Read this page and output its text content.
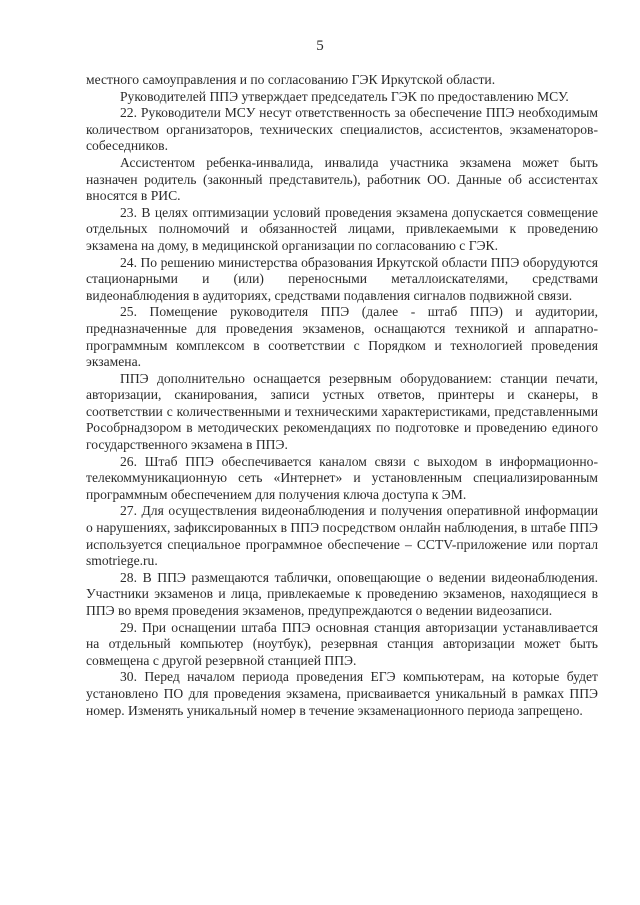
5

местного самоуправления и по согласованию ГЭК Иркутской области.

Руководителей ППЭ утверждает председатель ГЭК по предоставлению МСУ.

22. Руководители МСУ несут ответственность за обеспечение ППЭ необходимым количеством организаторов, технических специалистов, ассистентов, экзаменаторов-собеседников.

Ассистентом ребенка-инвалида, инвалида участника экзамена может быть назначен родитель (законный представитель), работник ОО. Данные об ассистентах вносятся в РИС.

23. В целях оптимизации условий проведения экзамена допускается совмещение отдельных полномочий и обязанностей лицами, привлекаемыми к проведению экзамена на дому, в медицинской организации по согласованию с ГЭК.

24. По решению министерства образования Иркутской области ППЭ оборудуются стационарными и (или) переносными металлоискателями, средствами видеонаблюдения в аудиториях, средствами подавления сигналов подвижной связи.

25. Помещение руководителя ППЭ (далее - штаб ППЭ) и аудитории, предназначенные для проведения экзаменов, оснащаются техникой и аппаратно-программным комплексом в соответствии с Порядком и технологией проведения экзамена.

ППЭ дополнительно оснащается резервным оборудованием: станции печати, авторизации, сканирования, записи устных ответов, принтеры и сканеры, в соответствии с количественными и техническими характеристиками, представленными Рособрнадзором в методических рекомендациях по подготовке и проведению единого государственного экзамена в ППЭ.

26. Штаб ППЭ обеспечивается каналом связи с выходом в информационно-телекоммуникационную сеть «Интернет» и установленным специализированным программным обеспечением для получения ключа доступа к ЭМ.

27. Для осуществления видеонаблюдения и получения оперативной информации о нарушениях, зафиксированных в ППЭ посредством онлайн наблюдения, в штабе ППЭ используется специальное программное обеспечение – CCTV-приложение или портал smotriege.ru.

28. В ППЭ размещаются таблички, оповещающие о ведении видеонаблюдения. Участники экзаменов и лица, привлекаемые к проведению экзаменов, находящиеся в ППЭ во время проведения экзаменов, предупреждаются о ведении видеозаписи.

29. При оснащении штаба ППЭ основная станция авторизации устанавливается на отдельный компьютер (ноутбук), резервная станция авторизации может быть совмещена с другой резервной станцией ППЭ.

30. Перед началом периода проведения ЕГЭ компьютерам, на которые будет установлено ПО для проведения экзамена, присваивается уникальный в рамках ППЭ номер. Изменять уникальный номер в течение экзаменационного периода запрещено.
